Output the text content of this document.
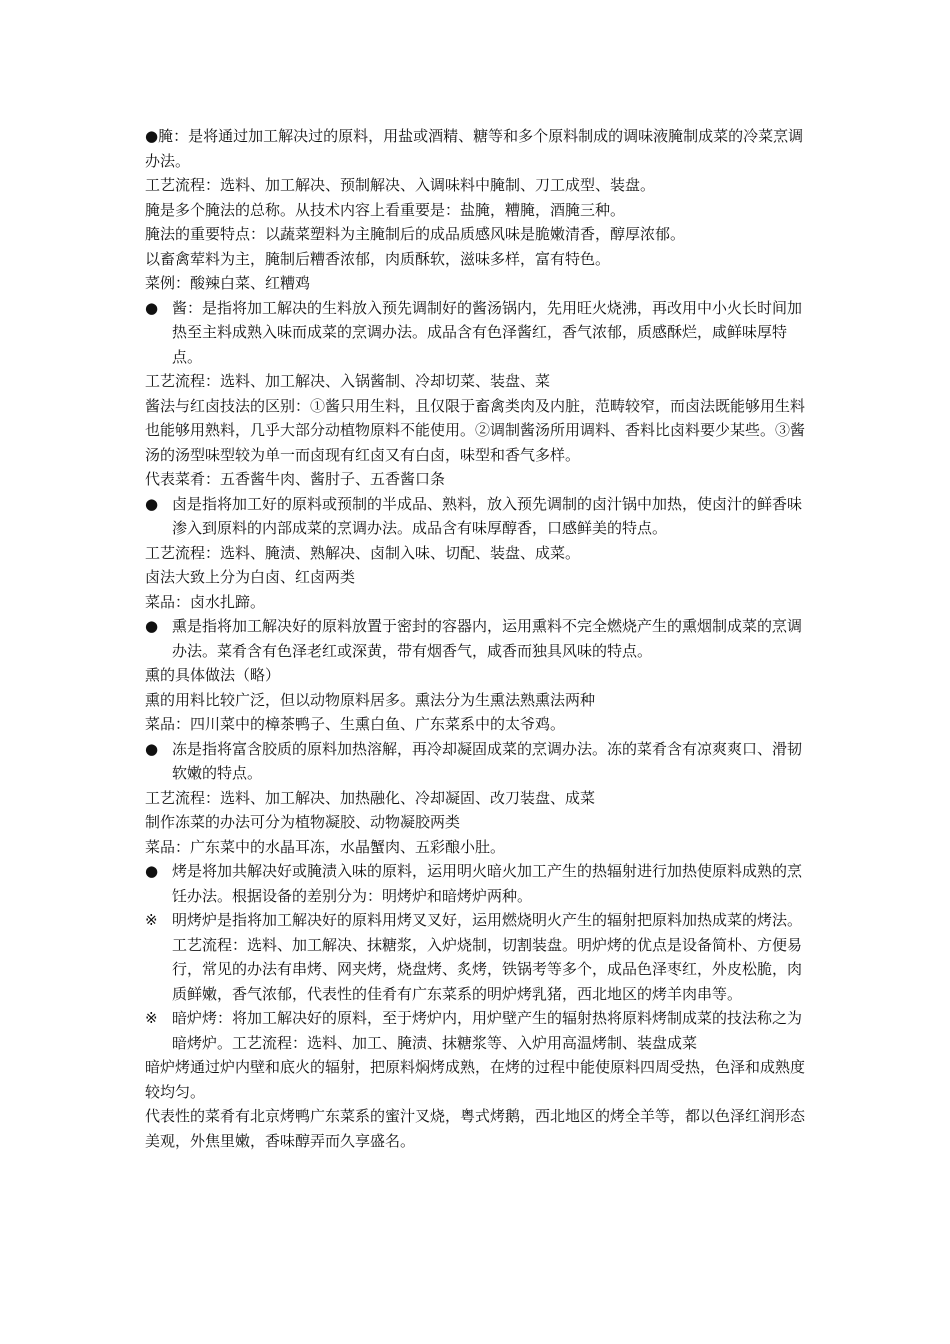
●腌：是将通过加工解决过的原料，用盐或酒精、糖等和多个原料制成的调味液腌制成菜的冷菜烹调办法。

工艺流程：选料、加工解决、预制解决、入调味料中腌制、刀工成型、装盘。

腌是多个腌法的总称。从技术内容上看重要是：盐腌，糟腌，酒腌三种。

腌法的重要特点：以蔬菜塑料为主腌制后的成品质感风味是脆嫩清香，醇厚浓郁。

以畜禽荤料为主，腌制后糟香浓郁，肉质酥软，滋味多样，富有特色。

菜例：酸辣白菜、红糟鸡

● 酱：是指将加工解决的生料放入预先调制好的酱汤锅内，先用旺火烧沸，再改用中小火长时间加热至主料成熟入味而成菜的烹调办法。成品含有色泽酱红，香气浓郁，质感酥烂，咸鲜味厚特点。

工艺流程：选料、加工解决、入锅酱制、冷却切菜、装盘、菜

酱法与红卤技法的区别：①酱只用生料，且仅限于畜禽类肉及内脏，范畴较窄，而卤法既能够用生料也能够用熟料，几乎大部分动植物原料不能使用。②调制酱汤所用调料、香料比卤料要少某些。③酱汤的汤型味型较为单一而卤现有红卤又有白卤，味型和香气多样。

代表菜肴：五香酱牛肉、酱肘子、五香酱口条

● 卤是指将加工好的原料或预制的半成品、熟料，放入预先调制的卤汁锅中加热，使卤汁的鲜香味渗入到原料的内部成菜的烹调办法。成品含有味厚醇香，口感鲜美的特点。

工艺流程：选料、腌渍、熟解决、卤制入味、切配、装盘、成菜。

卤法大致上分为白卤、红卤两类

菜品：卤水扎蹄。

● 熏是指将加工解决好的原料放置于密封的容器内，运用熏料不完全燃烧产生的熏烟制成菜的烹调办法。菜肴含有色泽老红或深黄，带有烟香气，咸香而独具风味的特点。

熏的具体做法（略）

熏的用料比较广泛，但以动物原料居多。熏法分为生熏法熟熏法两种

菜品：四川菜中的樟茶鸭子、生熏白鱼、广东菜系中的太爷鸡。

● 冻是指将富含胶质的原料加热溶解，再冷却凝固成菜的烹调办法。冻的菜肴含有凉爽爽口、滑韧软嫩的特点。

工艺流程：选料、加工解决、加热融化、冷却凝固、改刀装盘、成菜

制作冻菜的办法可分为植物凝胶、动物凝胶两类

菜品：广东菜中的水晶耳冻，水晶蟹肉、五彩酿小肚。

● 烤是将加共解决好或腌渍入味的原料，运用明火暗火加工产生的热辐射进行加热使原料成熟的烹饪办法。根据设备的差别分为：明烤炉和暗烤炉两种。
※ 明烤炉是指将加工解决好的原料用烤叉叉好，运用燃烧明火产生的辐射把原料加热成菜的烤法。工艺流程：选料、加工解决、抹糖浆，入炉烧制，切割装盘。明炉烤的优点是设备简朴、方便易行，常见的办法有串烤、网夹烤，烧盘烤、炙烤，铁锅考等多个，成品色泽枣红，外皮松脆，肉质鲜嫩，香气浓郁，代表性的佳肴有广东菜系的明炉烤乳猪，西北地区的烤羊肉串等。
※ 暗炉烤：将加工解决好的原料，至于烤炉内，用炉壁产生的辐射热将原料烤制成菜的技法称之为暗烤炉。工艺流程：选料、加工、腌渍、抹糖浆等、入炉用高温烤制、装盘成菜

暗炉烤通过炉内壁和底火的辐射，把原料焖烤成熟，在烤的过程中能使原料四周受热，色泽和成熟度较均匀。

代表性的菜肴有北京烤鸭广东菜系的蜜汁叉烧，粤式烤鹅，西北地区的烤全羊等，都以色泽红润形态美观，外焦里嫩，香味醇弄而久享盛名。
